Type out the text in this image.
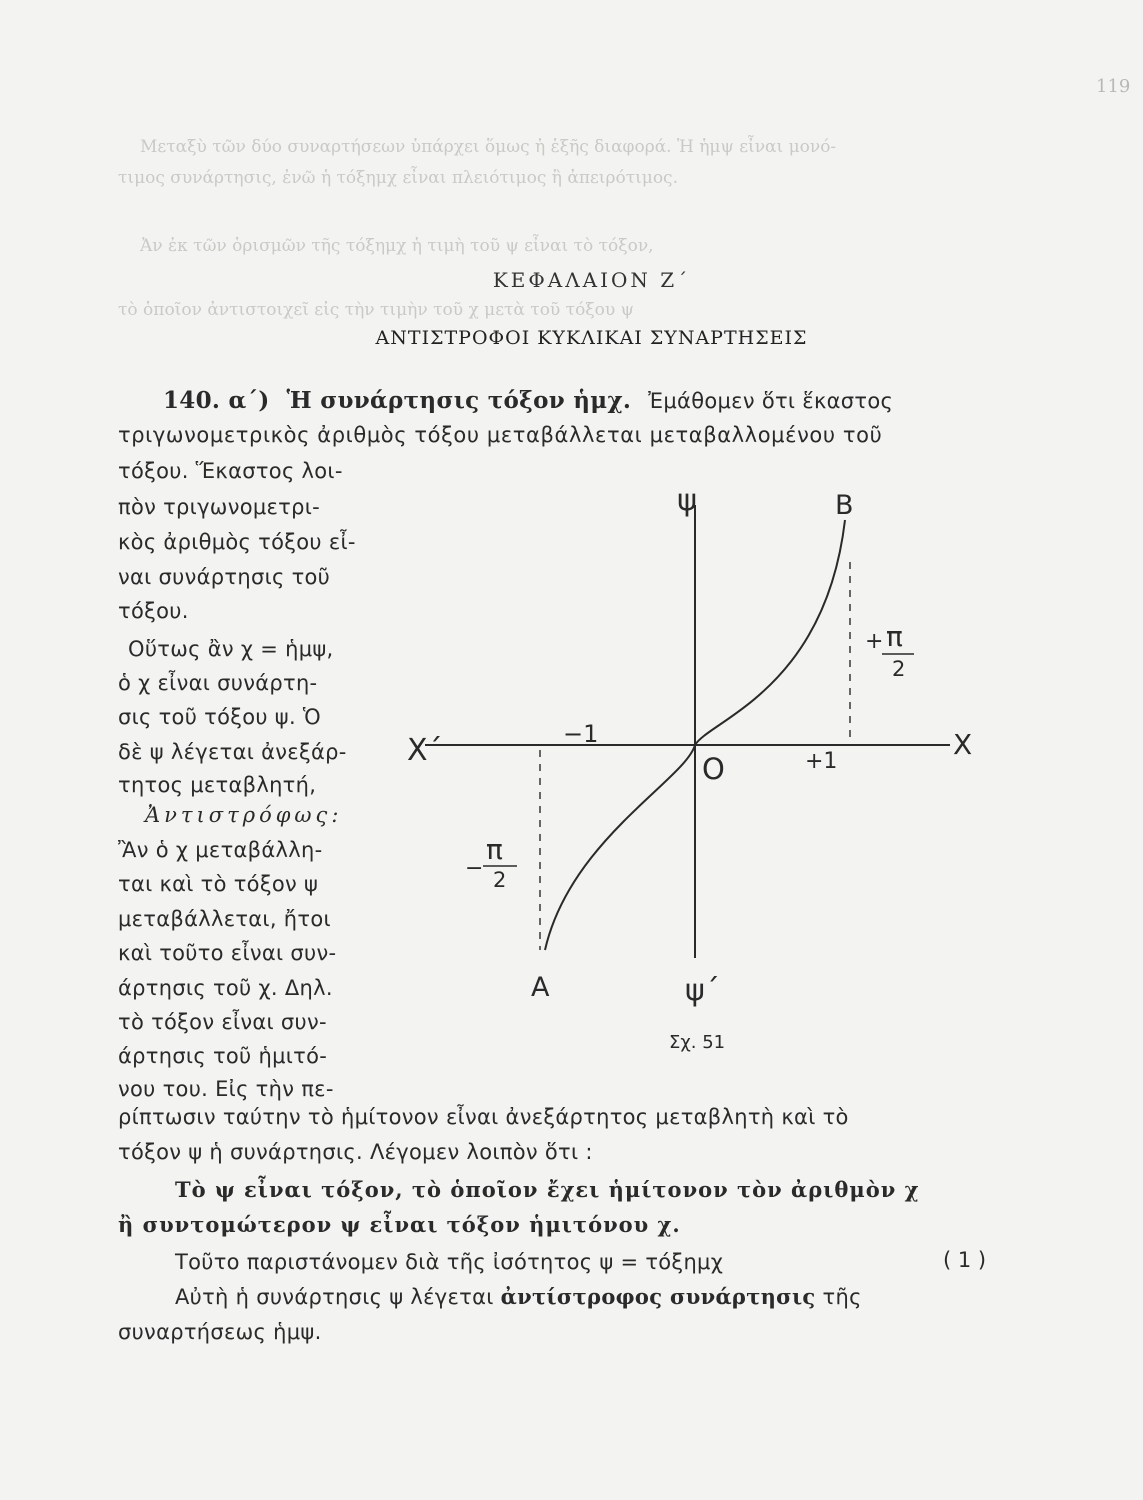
Μεταξὺ τῶν δύο συναρτήσεων ὑπάρχει ὅμως ἡ ἑξῆς διαφορά. Ἡ ἡμψ εἶναι μονό-
τιμος συνάρτησις, ἐνῶ ἡ τόξημχ εἶναι πλειότιμος ἢ ἀπειρότιμος.
Ἀν ἐκ τῶν ὁρισμῶν τῆς τόξημχ ἡ τιμὴ τοῦ ψ εἶναι τὸ τόξον,
τὸ ὁποῖον ἀντιστοιχεῖ εἰς τὴν τιμὴν τοῦ χ μετὰ τοῦ τόξου ψ
119
ΚΕΦΑΛΑΙΟΝ Ζ΄
ΑΝΤΙΣΤΡΟΦΟΙ ΚΥΚΛΙΚΑΙ ΣΥΝΑΡΤΗΣΕΙΣ
140. α΄) Ἡ συνάρτησις τόξον ἡμχ. Ἐμάθομεν ὅτι ἕκαστος
τριγωνομετρικὸς ἀριθμὸς τόξου μεταβάλλεται μεταβαλλομένου τοῦ
τόξου. Ἕκαστος λοι-
πὸν τριγωνομετρι-
κὸς ἀριθμὸς τόξου εἶ-
ναι συνάρτησις τοῦ
τόξου.
Οὕτως ἂν χ = ἡμψ,
ὁ χ εἶναι συνάρτη-
σις τοῦ τόξου ψ. Ὁ
δὲ ψ λέγεται ἀνεξάρ-
τητος μεταβλητή,
Ἀντιστρόφως:
Ἂν ὁ χ μεταβάλλη-
ται καὶ τὸ τόξον ψ
μεταβάλλεται, ἤτοι
καὶ τοῦτο εἶναι συν-
άρτησις τοῦ χ. Δηλ.
τὸ τόξον εἶναι συν-
άρτησις τοῦ ἡμιτό-
νου του. Εἰς τὴν πε-
ψ	Β
Χ΄	Χ
−1
Ο	+1
+ π
2
−
π
2
Α	ψ΄
Σχ. 51
ρίπτωσιν ταύτην τὸ ἡμίτονον εἶναι ἀνεξάρτητος μεταβλητὴ καὶ τὸ
τόξον ψ ἡ συνάρτησις. Λέγομεν λοιπὸν ὅτι :
Τὸ ψ εἶναι τόξον, τὸ ὁποῖον ἔχει ἡμίτονον τὸν ἀριθμὸν χ
ἢ συντομώτερον ψ εἶναι τόξον ἡμιτόνου χ.
Τοῦτο παριστάνομεν διὰ τῆς ἰσότητος ψ = τόξημχ	( 1 )
Αὐτὴ ἡ συνάρτησις ψ λέγεται ἀντίστροφος συνάρτησις τῆς
συναρτήσεως ἡμψ.
